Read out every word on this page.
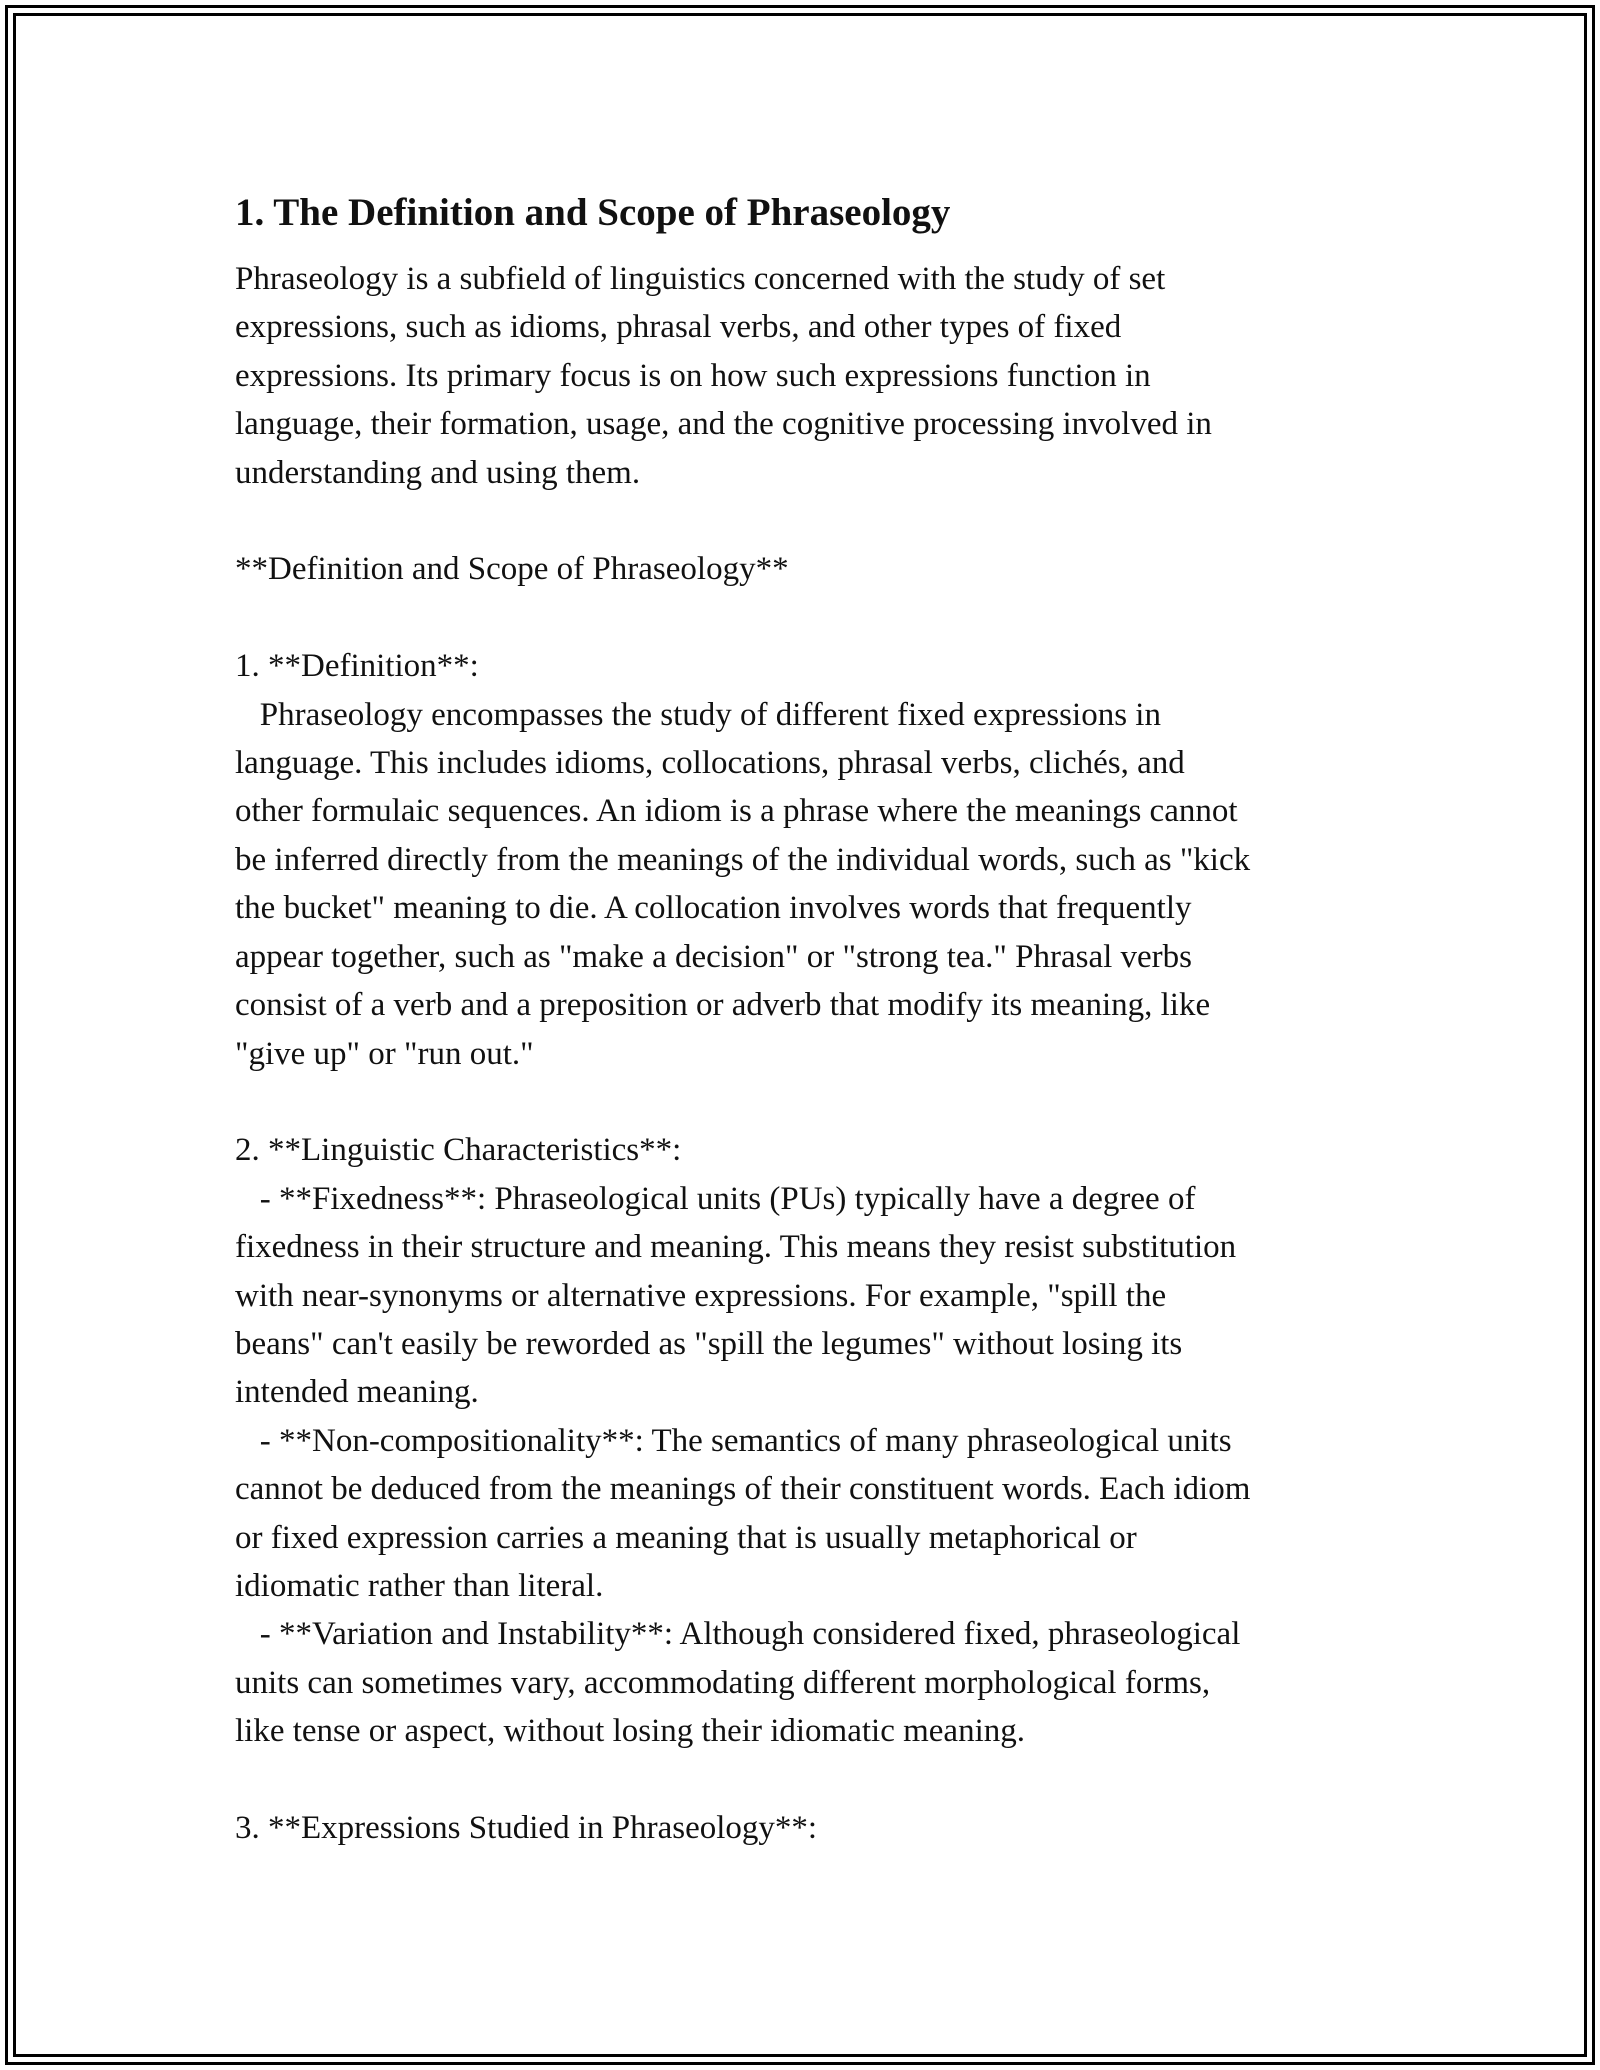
1. The Definition and Scope of Phraseology

Phraseology is a subfield of linguistics concerned with the study of set
expressions, such as idioms, phrasal verbs, and other types of fixed
expressions. Its primary focus is on how such expressions function in
language, their formation, usage, and the cognitive processing involved in
understanding and using them.

**Definition and Scope of Phraseology**

1. **Definition**:
Phraseology encompasses the study of different fixed expressions in
language. This includes idioms, collocations, phrasal verbs, clichés, and
other formulaic sequences. An idiom is a phrase where the meanings cannot
be inferred directly from the meanings of the individual words, such as "kick
the bucket" meaning to die. A collocation involves words that frequently
appear together, such as "make a decision" or "strong tea." Phrasal verbs
consist of a verb and a preposition or adverb that modify its meaning, like
"give up" or "run out."

2. **Linguistic Characteristics**:
- **Fixedness**: Phraseological units (PUs) typically have a degree of
fixedness in their structure and meaning. This means they resist substitution
with near-synonyms or alternative expressions. For example, "spill the
beans" can't easily be reworded as "spill the legumes" without losing its
intended meaning.
- **Non-compositionality**: The semantics of many phraseological units
cannot be deduced from the meanings of their constituent words. Each idiom
or fixed expression carries a meaning that is usually metaphorical or
idiomatic rather than literal.
- **Variation and Instability**: Although considered fixed, phraseological
units can sometimes vary, accommodating different morphological forms,
like tense or aspect, without losing their idiomatic meaning.

3. **Expressions Studied in Phraseology**:
